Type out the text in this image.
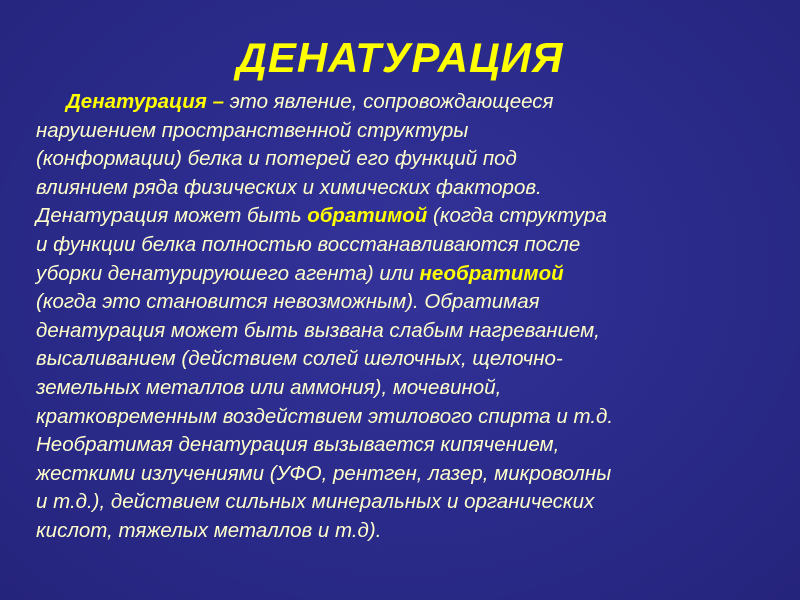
ДЕНАТУРАЦИЯ
Денатурация – это явление, сопровождающееся
нарушением пространственной структуры
(конформации) белка и потерей его функций под
влиянием ряда физических и химических факторов.
Денатурация может быть обратимой (когда структура
и функции белка полностью восстанавливаются после
уборки денатурируюшего агента) или необратимой
(когда это становится невозможным). Обратимая
денатурация может быть вызвана слабым нагреванием,
высаливанием (действием солей шелочных, щелочно-
земельных металлов или аммония), мочевиной,
кратковременным воздействием этилового спирта и т.д.
Необратимая денатурация вызывается кипячением,
жесткими излучениями (УФО, рентген, лазер, микроволны
и т.д.), действием сильных минеральных и органических
кислот, тяжелых металлов и т.д).
